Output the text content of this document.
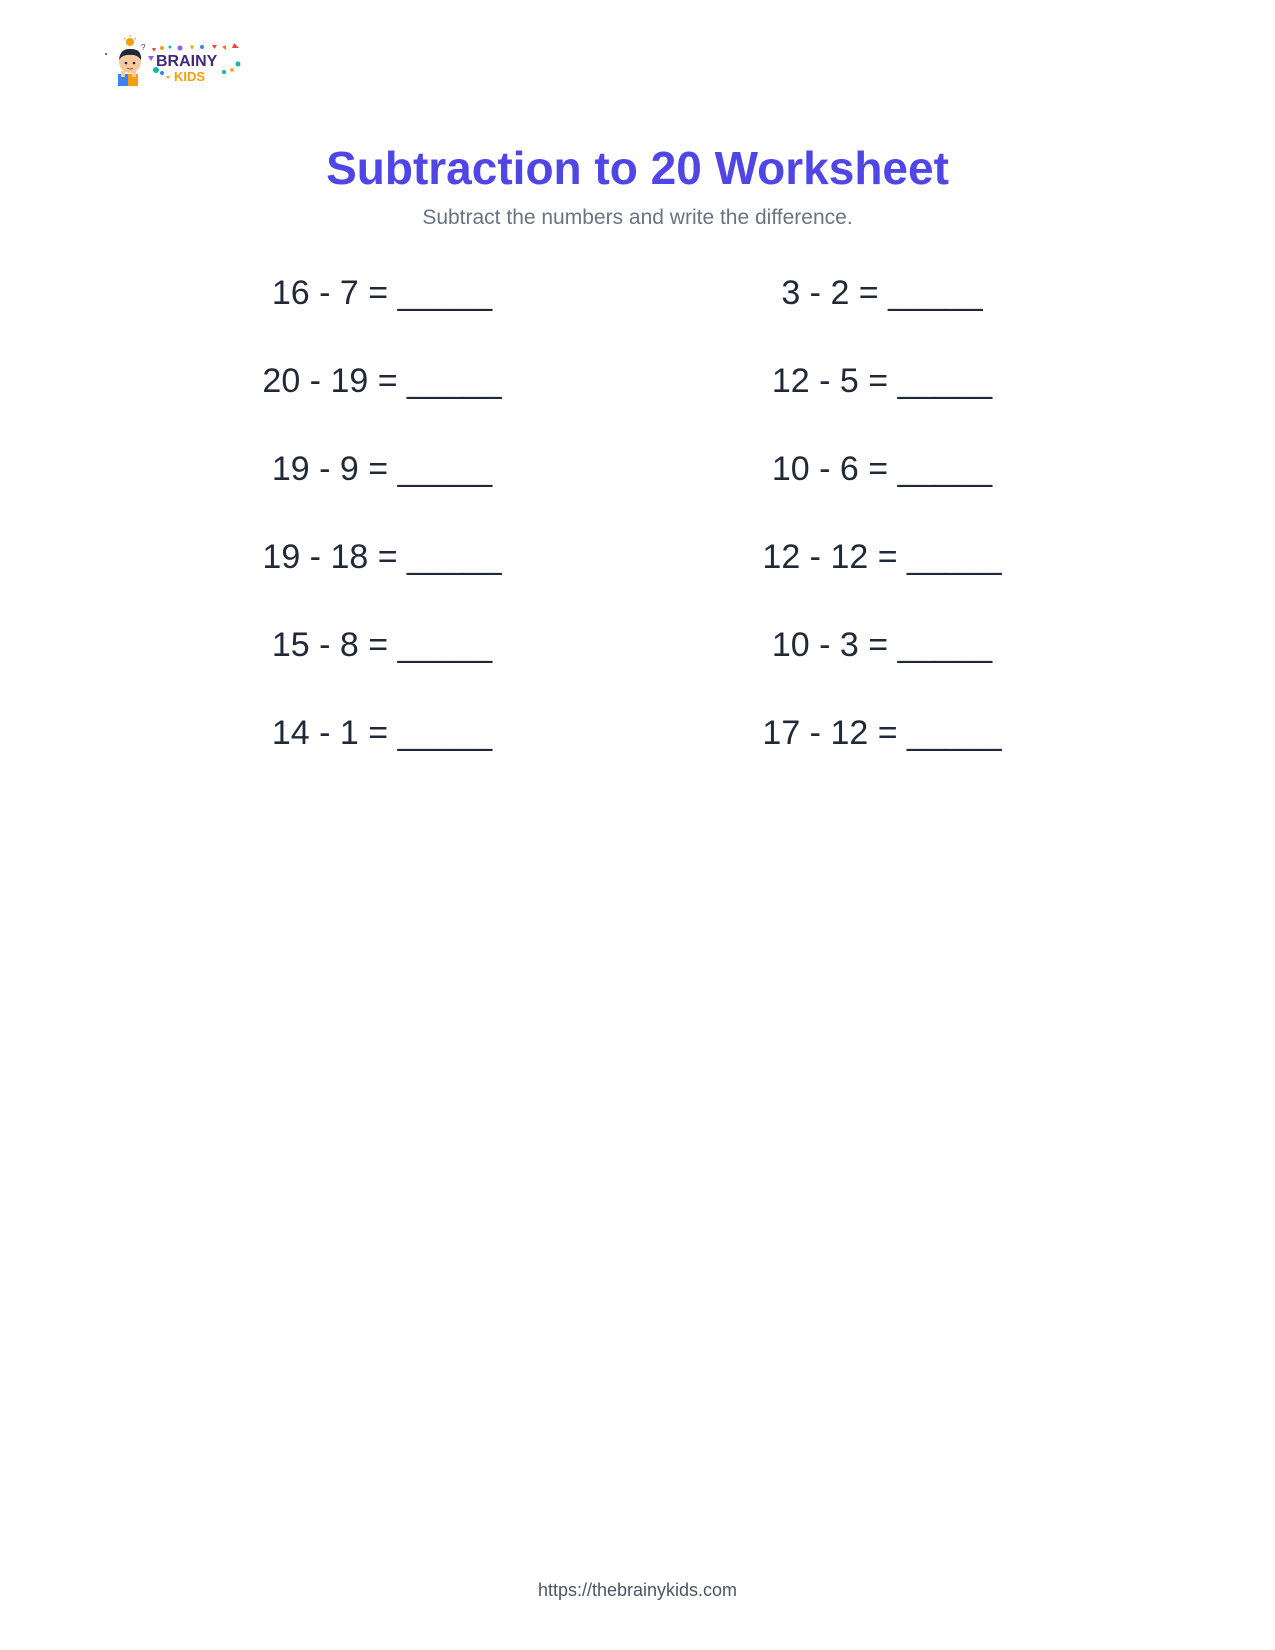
?
BRAINY
KIDS
Subtraction to 20 Worksheet
Subtract the numbers and write the difference.
16 - 7 = _____
20 - 19 = _____
19 - 9 = _____
19 - 18 = _____
15 - 8 = _____
14 - 1 = _____
3 - 2 = _____
12 - 5 = _____
10 - 6 = _____
12 - 12 = _____
10 - 3 = _____
17 - 12 = _____
https://thebrainykids.com
